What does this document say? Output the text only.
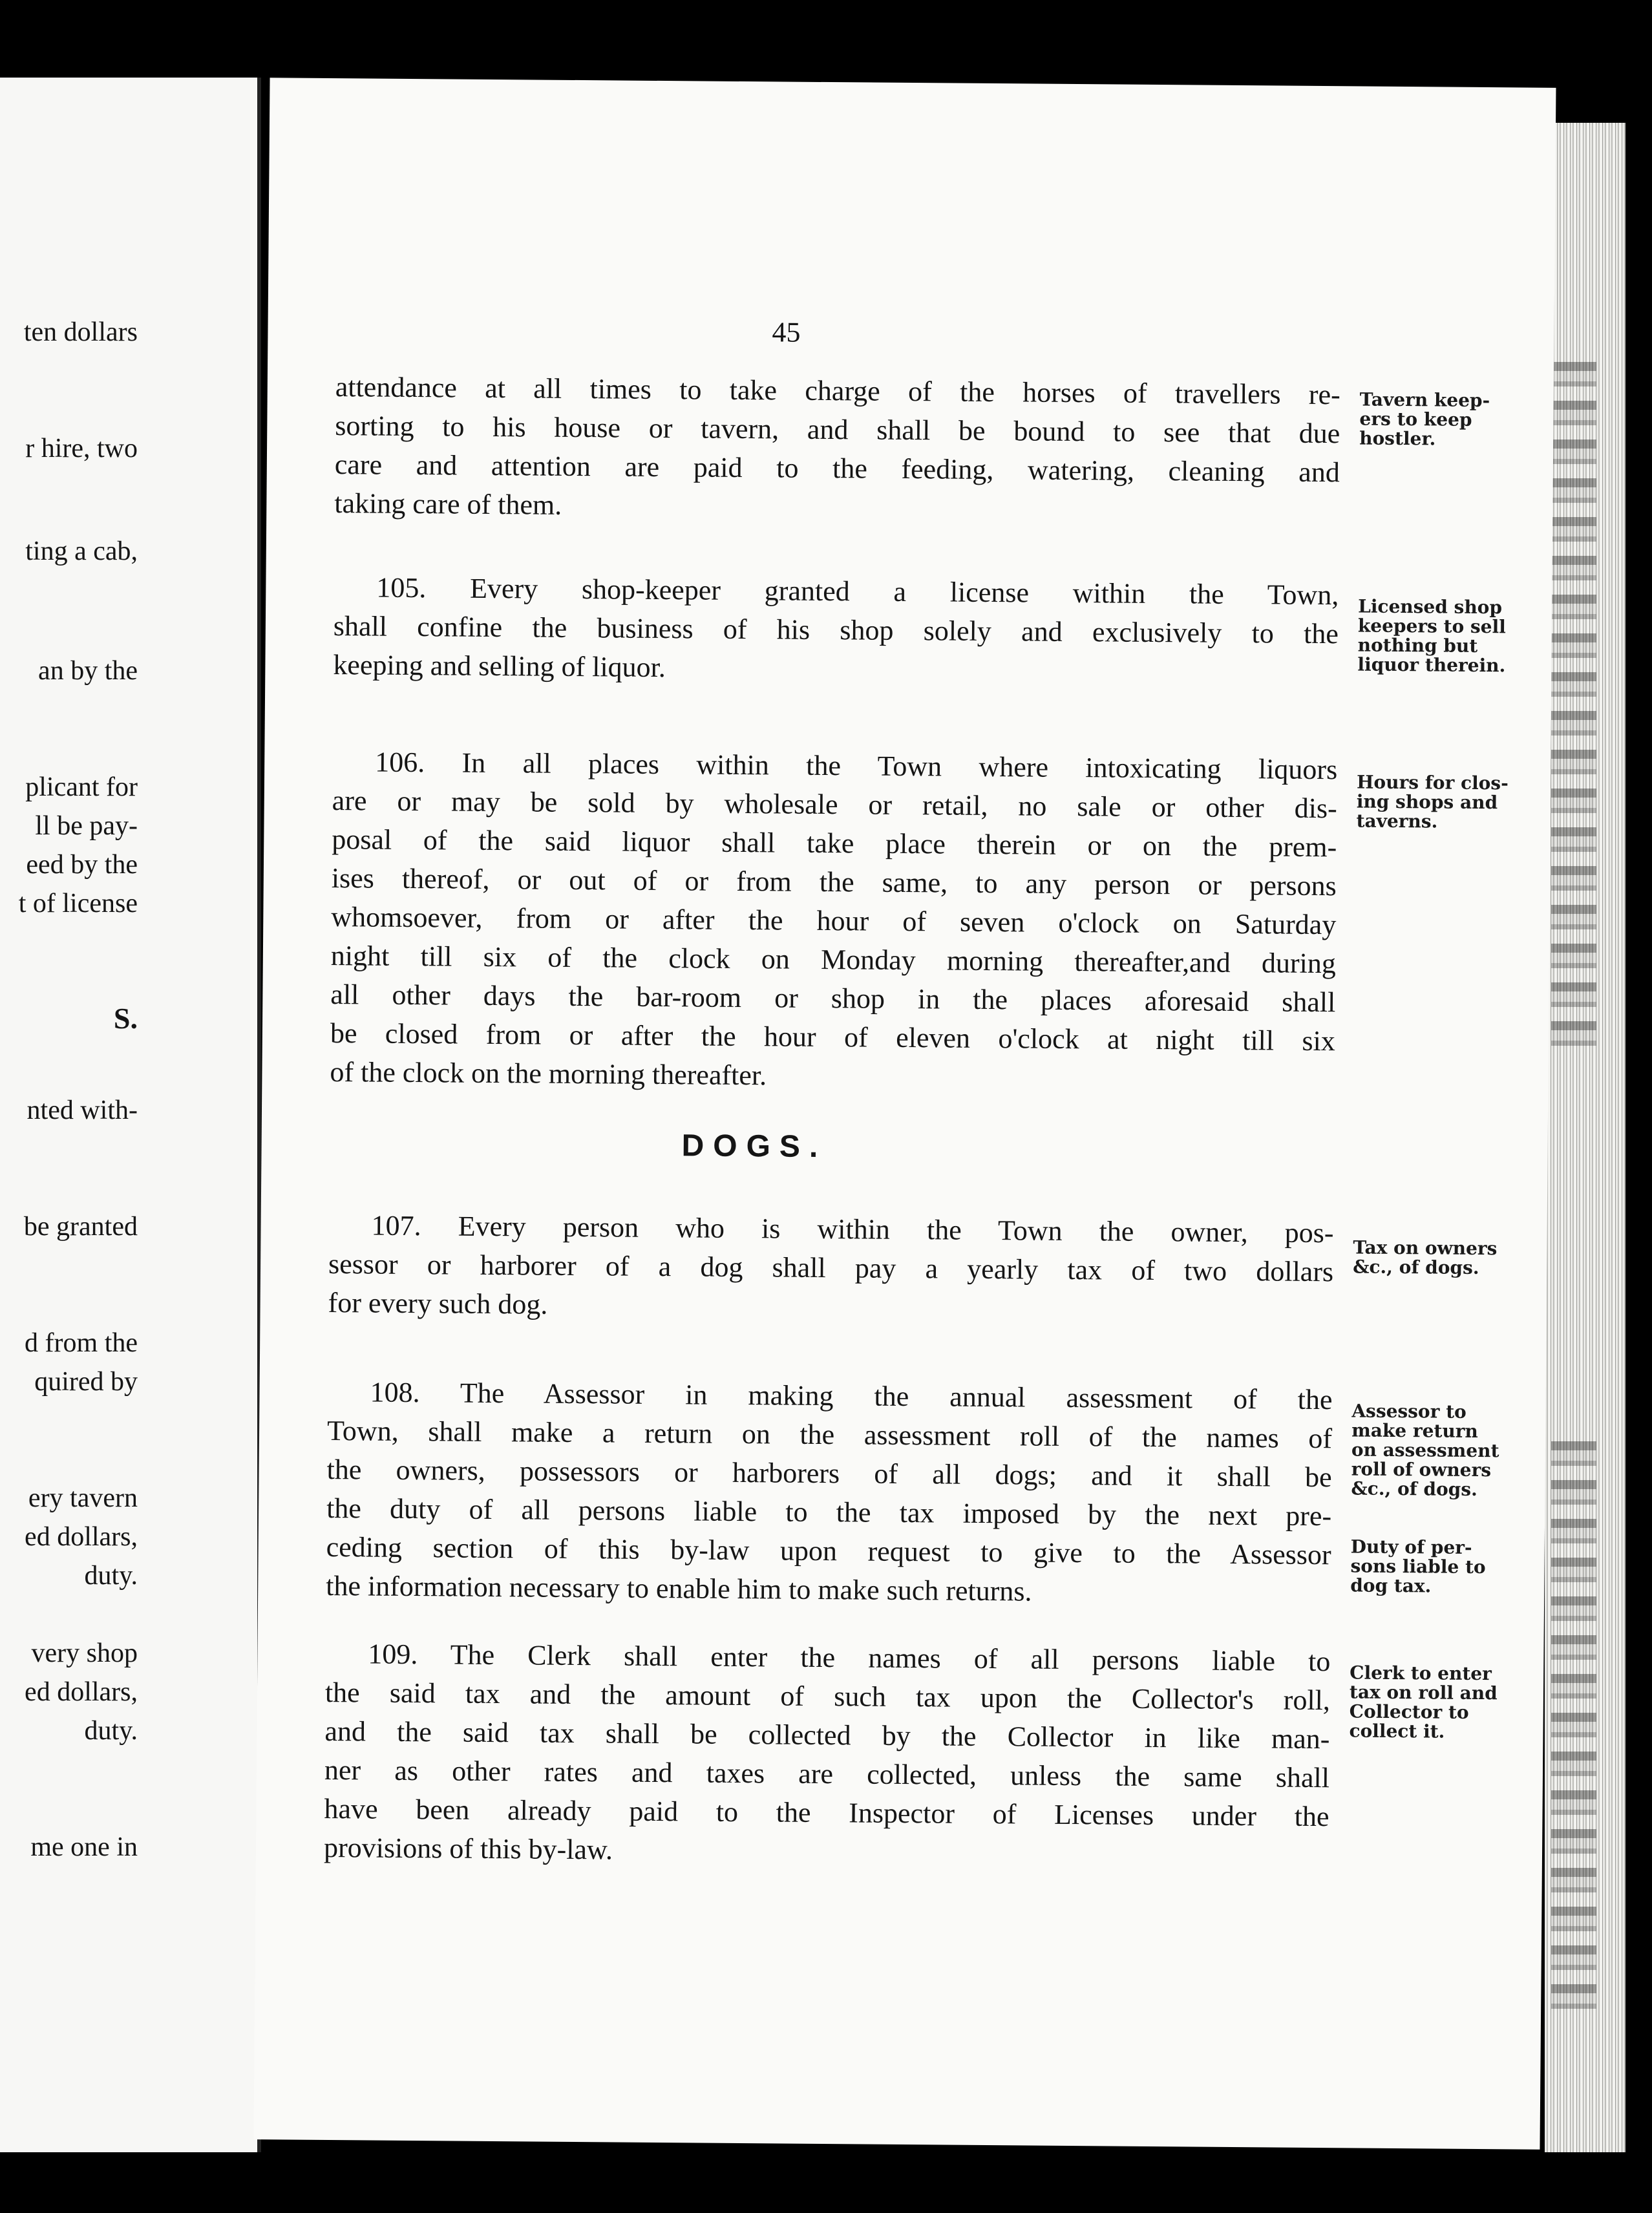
ten dollars
r hire, two
ting a cab,
an by the
plicant for
ll be pay-
eed by the
t of license
S.
nted with-
be granted
d from the
quired by
ery tavern
ed dollars,
duty.
very shop
ed dollars,
duty.
me one in
45
attendance at all times to take charge of the horses of travellers re-
sorting to his house or tavern, and shall be bound to see that due
care and attention are paid to the feeding, watering, cleaning and
taking care of them.
Tavern keep-
ers to keep
hostler.
105. Every shop-keeper granted a license within the Town,
shall confine the business of his shop solely and exclusively to the
keeping and selling of liquor.
Licensed shop
keepers to sell
nothing but
liquor therein.
106. In all places within the Town where intoxicating liquors
are or may be sold by wholesale or retail, no sale or other dis-
posal of the said liquor shall take place therein or on the prem-
ises thereof, or out of or from the same, to any person or persons
whomsoever, from or after the hour of seven o'clock on Saturday
night till six of the clock on Monday morning thereafter,and during
all other days the bar-room or shop in the places aforesaid shall
be closed from or after the hour of eleven o'clock at night till six
of the clock on the morning thereafter.
Hours for clos-
ing shops and
taverns.
DOGS.
107. Every person who is within the Town the owner, pos-
sessor or harborer of a dog shall pay a yearly tax of two dollars
for every such dog.
Tax on owners
&c., of dogs.
108. The Assessor in making the annual assessment of the
Town, shall make a return on the assessment roll of the names of
the owners, possessors or harborers of all dogs; and it shall be
the duty of all persons liable to the tax imposed by the next pre-
ceding section of this by-law upon request to give to the Assessor
the information necessary to enable him to make such returns.
Assessor to
make return
on assessment
roll of owners
&c., of dogs.
Duty of per-
sons liable to
dog tax.
109. The Clerk shall enter the names of all persons liable to
the said tax and the amount of such tax upon the Collector's roll,
and the said tax shall be collected by the Collector in like man-
ner as other rates and taxes are collected, unless the same shall
have been already paid to the Inspector of Licenses under the
provisions of this by-law.
Clerk to enter
tax on roll and
Collector to
collect it.
